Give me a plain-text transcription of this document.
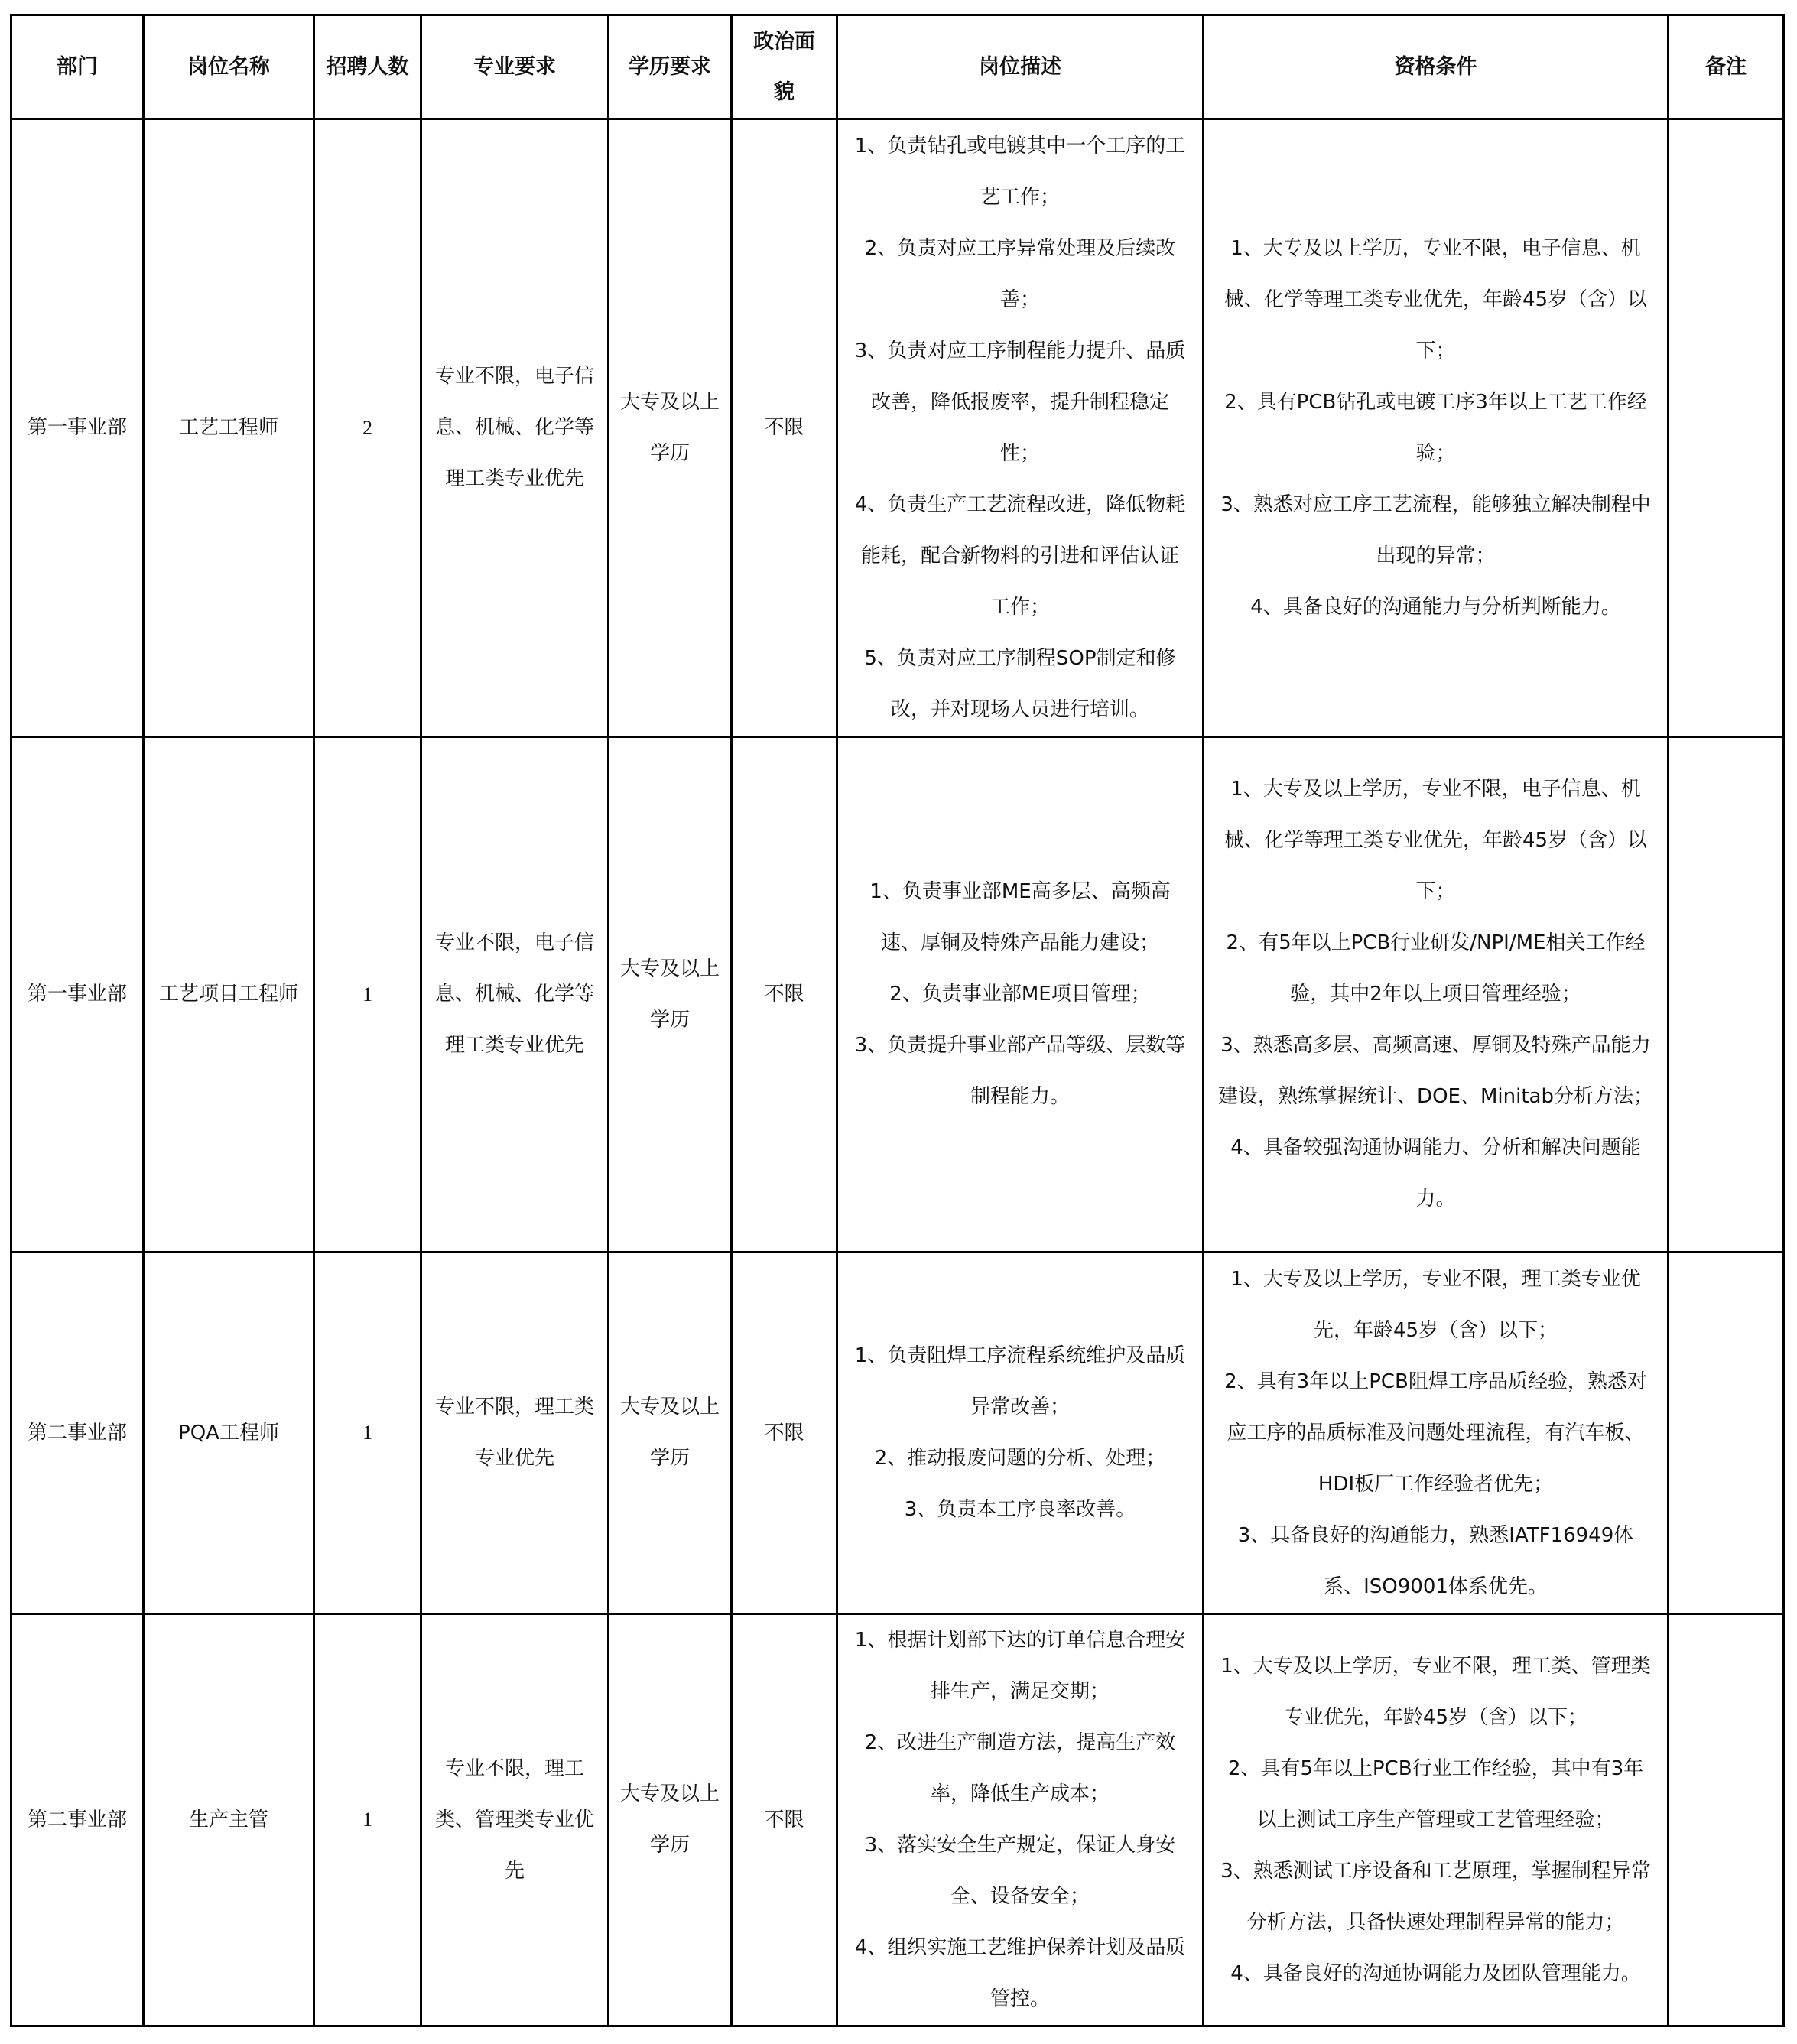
部门	岗位名称	招聘人数	专业要求	学历要求	政治面貌	岗位描述	资格条件	备注
第一事业部	工艺工程师	2	专业不限，电子信息、机械、化学等理工类专业优先	大专及以上学历	不限	1、负责钻孔或电镀其中一个工序的工艺工作；
2、负责对应工序异常处理及后续改善；
3、负责对应工序制程能力提升、品质改善，降低报废率，提升制程稳定性；
4、负责生产工艺流程改进，降低物耗能耗，配合新物料的引进和评估认证工作；
5、负责对应工序制程SOP制定和修改，并对现场人员进行培训。	1、大专及以上学历，专业不限，电子信息、机械、化学等理工类专业优先，年龄45岁（含）以下；
2、具有PCB钻孔或电镀工序3年以上工艺工作经验；
3、熟悉对应工序工艺流程，能够独立解决制程中出现的异常；
4、具备良好的沟通能力与分析判断能力。	

第一事业部	工艺项目工程师	1	专业不限，电子信息、机械、化学等理工类专业优先	大专及以上学历	不限	1、负责事业部ME高多层、高频高速、厚铜及特殊产品能力建设；
2、负责事业部ME项目管理；
3、负责提升事业部产品等级、层数等制程能力。	1、大专及以上学历，专业不限，电子信息、机械、化学等理工类专业优先，年龄45岁（含）以下；
2、有5年以上PCB行业研发/NPI/ME相关工作经验，其中2年以上项目管理经验；
3、熟悉高多层、高频高速、厚铜及特殊产品能力建设，熟练掌握统计、DOE、Minitab分析方法；
4、具备较强沟通协调能力、分析和解决问题能力。	

第二事业部	PQA工程师	1	专业不限，理工类专业优先	大专及以上学历	不限	1、负责阻焊工序流程系统维护及品质异常改善；
2、推动报废问题的分析、处理；
3、负责本工序良率改善。	1、大专及以上学历，专业不限，理工类专业优先，年龄45岁（含）以下；
2、具有3年以上PCB阻焊工序品质经验，熟悉对应工序的品质标准及问题处理流程，有汽车板、HDI板厂工作经验者优先；
3、具备良好的沟通能力，熟悉IATF16949体系、ISO9001体系优先。	

第二事业部	生产主管	1	专业不限，理工类、管理类专业优先	大专及以上学历	不限	1、根据计划部下达的订单信息合理安排生产，满足交期；
2、改进生产制造方法，提高生产效率，降低生产成本；
3、落实安全生产规定，保证人身安全、设备安全；
4、组织实施工艺维护保养计划及品质管控。	1、大专及以上学历，专业不限，理工类、管理类专业优先，年龄45岁（含）以下；
2、具有5年以上PCB行业工作经验，其中有3年以上测试工序生产管理或工艺管理经验；
3、熟悉测试工序设备和工艺原理，掌握制程异常分析方法，具备快速处理制程异常的能力；
4、具备良好的沟通协调能力及团队管理能力。	
